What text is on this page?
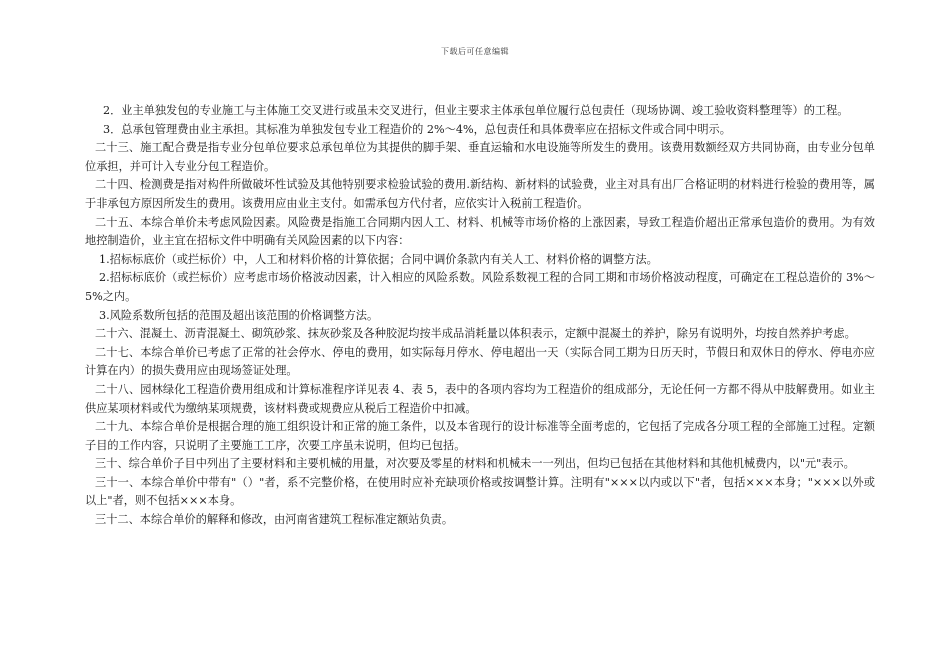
下载后可任意编辑

2．业主单独发包的专业施工与主体施工交叉进行或虽未交叉进行，但业主要求主体承包单位履行总包责任（现场协调、竣工验收资料整理等）的工程。

3．总承包管理费由业主承担。其标准为单独发包专业工程造价的 2%～4%，总包责任和具体费率应在招标文件或合同中明示。

二十三、施工配合费是指专业分包单位要求总承包单位为其提供的脚手架、垂直运输和水电设施等所发生的费用。该费用数额经双方共同协商，由专业分包单位承担，并可计入专业分包工程造价。

二十四、检测费是指对构件所做破坏性试验及其他特别要求检验试验的费用.新结构、新材料的试验费，业主对具有出厂合格证明的材料进行检验的费用等，属于非承包方原因所发生的费用。该费用应由业主支付。如需承包方代付者，应依实计入税前工程造价。

二十五、本综合单价未考虑风险因素。风险费是指施工合同期内因人工、材料、机械等市场价格的上涨因素，导致工程造价超出正常承包造价的费用。为有效地控制造价，业主宜在招标文件中明确有关风险因素的以下内容：

1.招标标底价（或拦标价）中，人工和材料价格的计算依据；合同中调价条款内有关人工、材料价格的调整方法。

2.招标标底价（或拦标价）应考虑市场价格波动因素，计入相应的风险系数。风险系数视工程的合同工期和市场价格波动程度，可确定在工程总造价的 3%～5%之内。

3.风险系数所包括的范围及超出该范围的价格调整方法。

二十六、混凝土、沥青混凝土、砌筑砂浆、抹灰砂浆及各种胶泥均按半成品消耗量以体积表示，定额中混凝土的养护，除另有说明外，均按自然养护考虑。

二十七、本综合单价已考虑了正常的社会停水、停电的费用，如实际每月停水、停电超出一天（实际合同工期为日历天时，节假日和双休日的停水、停电亦应计算在内）的损失费用应由现场签证处理。

二十八、园林绿化工程造价费用组成和计算标准程序详见表 4、表 5，表中的各项内容均为工程造价的组成部分，无论任何一方都不得从中肢解费用。如业主供应某项材料或代为缴纳某项规费，该材料费或规费应从税后工程造价中扣减。

二十九、本综合单价是根据合理的施工组织设计和正常的施工条件，以及本省现行的设计标准等全面考虑的，它包括了完成各分项工程的全部施工过程。定额子目的工作内容，只说明了主要施工工序，次要工序虽未说明，但均已包括。

三十、综合单价子目中列出了主要材料和主要机械的用量，对次要及零星的材料和机械未一一列出，但均已包括在其他材料和其他机械费内，以"元"表示。

三十一、本综合单价中带有"（）"者，系不完整价格，在使用时应补充缺项价格或按调整计算。注明有"×××以内或以下"者，包括×××本身；"×××以外或以上"者，则不包括×××本身。

三十二、本综合单价的解释和修改，由河南省建筑工程标准定额站负责。
